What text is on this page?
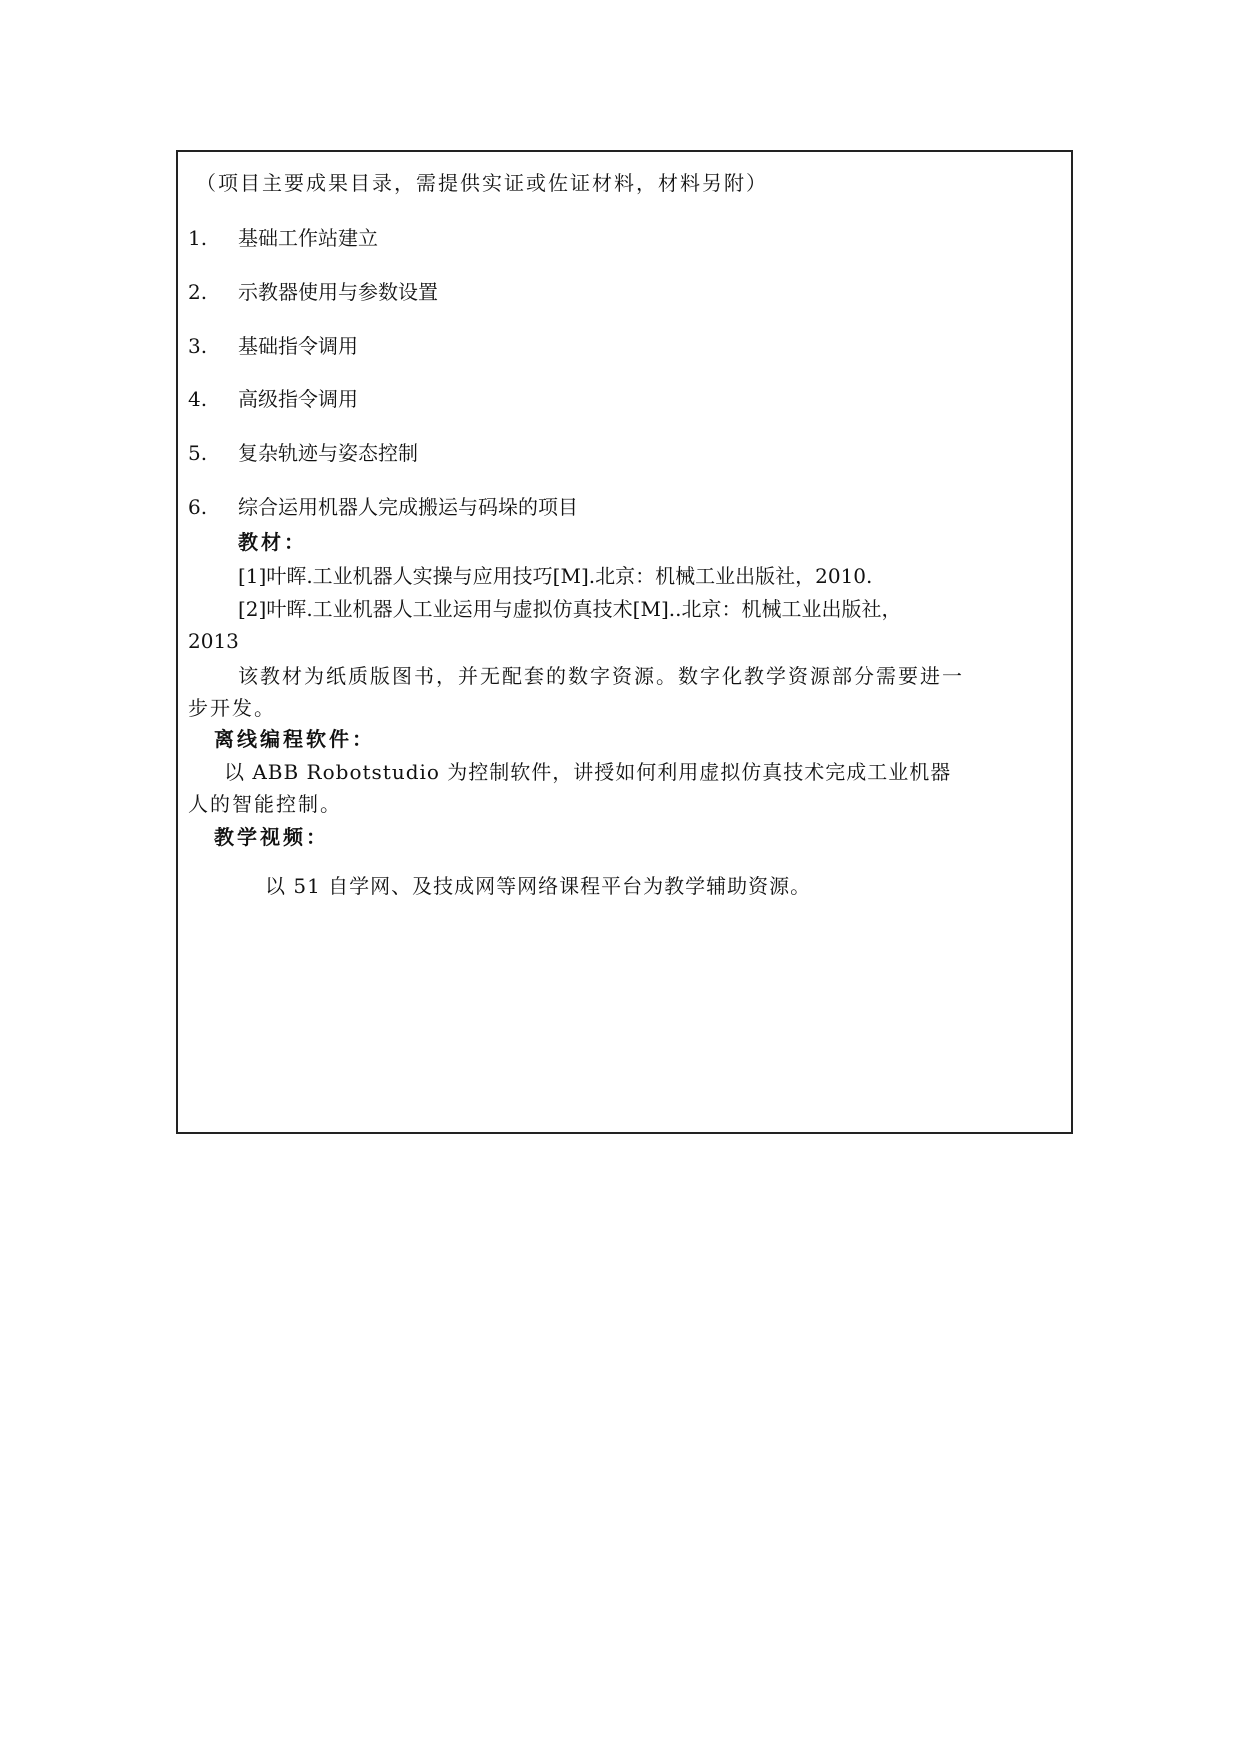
（项目主要成果目录，需提供实证或佐证材料，材料另附）
1. 基础工作站建立
2. 示教器使用与参数设置
3. 基础指令调用
4. 高级指令调用
5. 复杂轨迹与姿态控制
6. 综合运用机器人完成搬运与码垛的项目
教材：
[1]叶晖.工业机器人实操与应用技巧[M].北京：机械工业出版社，2010.
[2]叶晖.工业机器人工业运用与虚拟仿真技术[M]..北京：机械工业出版社，
2013
该教材为纸质版图书，并无配套的数字资源。数字化教学资源部分需要进一
步开发。
离线编程软件：
以 ABB Robotstudio 为控制软件，讲授如何利用虚拟仿真技术完成工业机器
人的智能控制。
教学视频：
以 51 自学网、及技成网等网络课程平台为教学辅助资源。
